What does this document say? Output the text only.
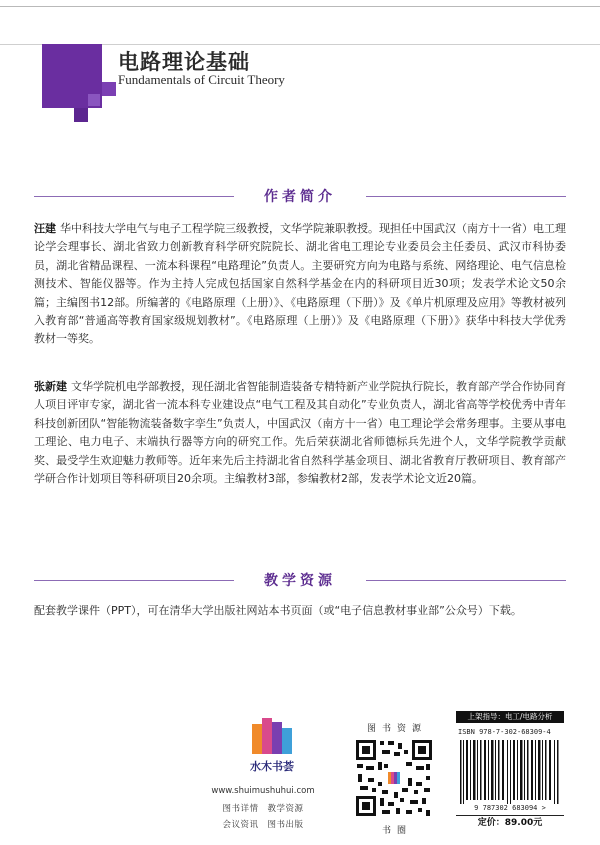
电路理论基础
Fundamentals of Circuit Theory
作者简介
汪建 华中科技大学电气与电子工程学院三级教授，文华学院兼职教授。现担任中国武汉（南方十一省）电工理论学会理事长、湖北省致力创新教育科学研究院院长、湖北省电工理论专业委员会主任委员、武汉市科协委员，湖北省精品课程、一流本科课程“电路理论”负责人。主要研究方向为电路与系统、网络理论、电气信息检测技术、智能仪器等。作为主持人完成包括国家自然科学基金在内的科研项目近30项；发表学术论文50余篇；主编图书12部。所编著的《电路原理（上册）》、《电路原理（下册）》及《单片机原理及应用》等教材被列入教育部“普通高等教育国家级规划教材”。《电路原理（上册）》及《电路原理（下册）》获华中科技大学优秀教材一等奖。
张新建 文华学院机电学部教授，现任湖北省智能制造装备专精特新产业学院执行院长，教育部产学合作协同育人项目评审专家，湖北省一流本科专业建设点“电气工程及其自动化”专业负责人，湖北省高等学校优秀中青年科技创新团队“智能物流装备数字孪生”负责人，中国武汉（南方十一省）电工理论学会常务理事。主要从事电工理论、电力电子、末端执行器等方向的研究工作。先后荣获湖北省师德标兵先进个人，文华学院教学贡献奖、最受学生欢迎魅力教师等。近年来先后主持湖北省自然科学基金项目、湖北省教育厅教研项目、教育部产学研合作计划项目等科研项目20余项。主编教材3部，参编教材2部，发表学术论文近20篇。
教学资源
配套教学课件（PPT），可在清华大学出版社网站本书页面（或“电子信息教材事业部”公众号）下载。
水木书荟
www.shuimushuhui.com
图书详情　教学资源
会议资讯　图书出版
图书资源
书圈
上架指导：电工/电路分析
ISBN 978-7-302-68309-4
9 787302 683094 >
定价：89.00元
